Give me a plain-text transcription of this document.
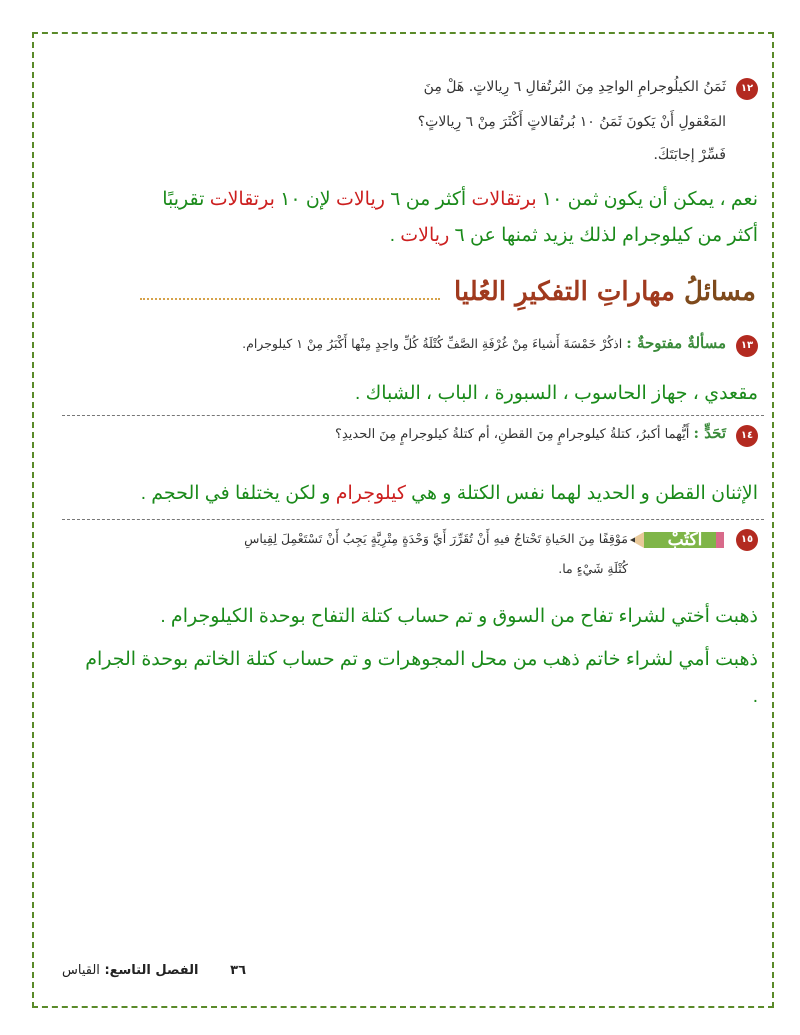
١٢
ثَمَنُ الكيلُوجرامِ الواحِدِ مِنَ البُرتُقالِ ٦ رِيالاتٍ. هَلْ مِنَ
المَعْقولِ أَنْ يَكونَ ثَمَنُ ١٠ بُرتُقالاتٍ أَكْثَرَ مِنْ ٦ رِيالاتٍ؟
فَسِّرْ إجابَتَكَ.
نعم ، يمكن أن يكون ثمن ١٠ برتقالات أكثر من ٦ ريالات لإن ١٠ برتقالات تقريبًا
أكثر من كيلوجرام لذلك يزيد ثمنها عن ٦ ريالات .
مسائلُ مهاراتِ التفكيرِ العُليا
١٣
مسألةٌ مفتوحةٌ : اذكُرْ خَمْسَةَ أَشياءَ مِنْ غُرْفَةِ الصَّفِّ كُتْلَةُ كُلِّ واحِدٍ مِنْها أَكْبَرُ مِنْ ١ كيلوجرام.
مقعدي ، جهاز الحاسوب ، السبورة ، الباب ، الشباك .
١٤
تَحَدٍّ : أَيُّهما أكبرُ، كتلةُ كيلوجرامٍ مِنَ القطنِ، أم كتلةُ كيلوجرامٍ مِنَ الحديدِ؟
الإثنان القطن و الحديد لهما نفس الكتلة و هي كيلوجرام و لكن يختلفا في الحجم .
١٥
أُكْتُبْ
مَوْقِفًا مِنَ الحَياةِ تَحْتاجُ فيهِ أَنْ تُقَرِّرَ أَيَّ وَحْدَةٍ مِتْرِيَّةٍ يَجِبُ أَنْ تَسْتَعْمِلَ لِقِياسِ
كُتْلَةِ شَيْءٍ ما.
ذهبت أختي لشراء تفاح من السوق و تم حساب كتلة التفاح بوحدة الكيلوجرام .
ذهبت أمي لشراء خاتم ذهب من محل المجوهرات و تم حساب كتلة الخاتم بوحدة الجرام
.
٣٦       الفصل التاسع: القياس
